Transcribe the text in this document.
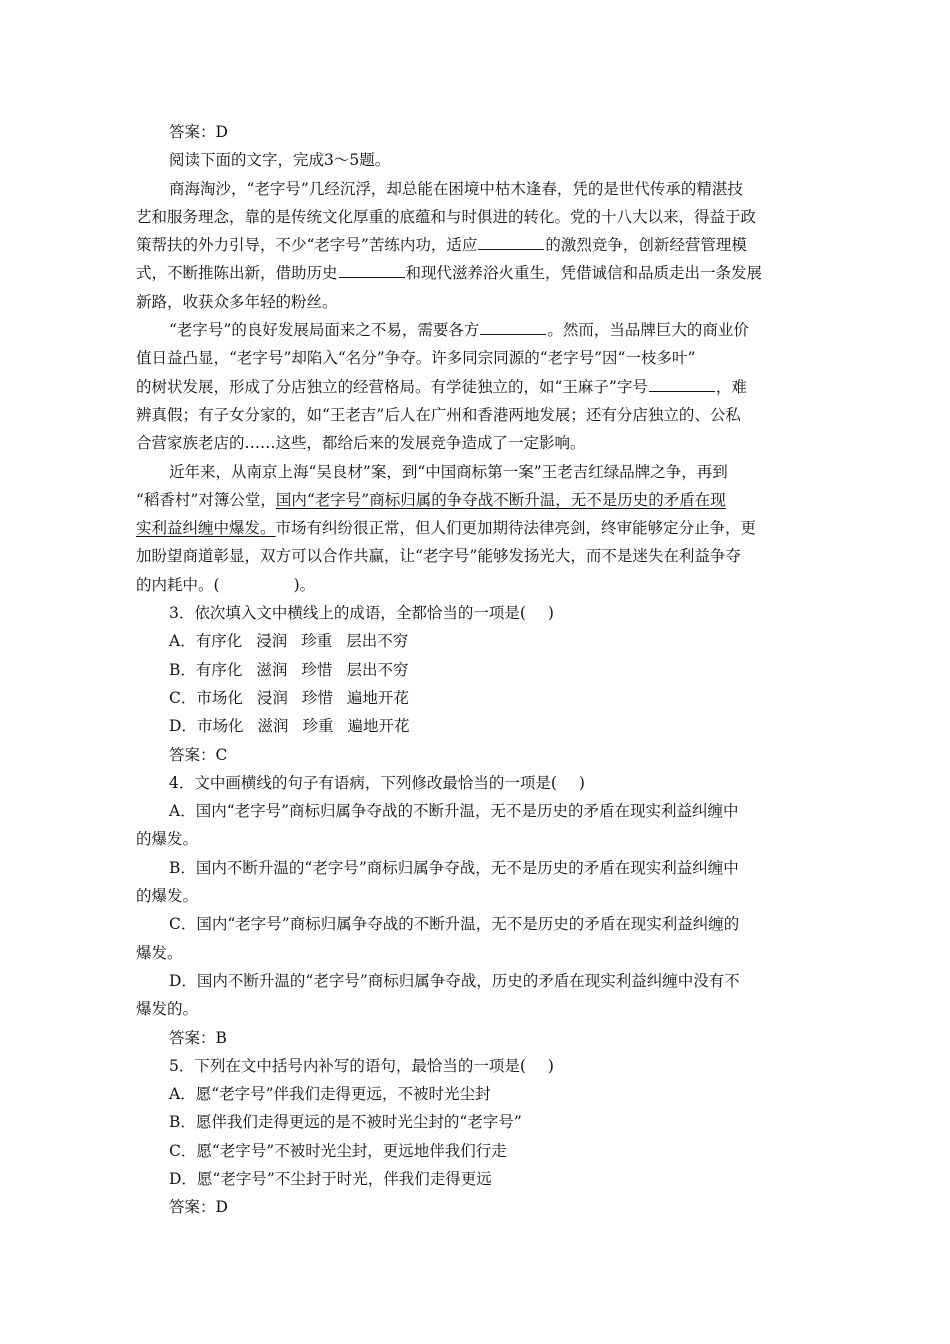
答案：D
阅读下面的文字，完成3～5题。
商海淘沙，“老字号”几经沉浮，却总能在困境中枯木逢春，凭的是世代传承的精湛技
艺和服务理念，靠的是传统文化厚重的底蕴和与时俱进的转化。党的十八大以来，得益于政
策帮扶的外力引导，不少“老字号”苦练内功，适应	的激烈竞争，创新经营管理模
式，不断推陈出新，借助历史	和现代滋养浴火重生，凭借诚信和品质走出一条发展
新路，收获众多年轻的粉丝。
“老字号”的良好发展局面来之不易，需要各方	。然而，当品牌巨大的商业价
值日益凸显，“老字号”却陷入“名分”争夺。许多同宗同源的“老字号”因“一枝多叶”
的树状发展，形成了分店独立的经营格局。有学徒独立的，如“王麻子”字号	，难
辨真假；有子女分家的，如“王老吉”后人在广州和香港两地发展；还有分店独立的、公私
合营家族老店的……这些，都给后来的发展竞争造成了一定影响。
近年来，从南京上海“吴良材”案，到“中国商标第一案”王老吉红绿品牌之争，再到
“稻香村”对簿公堂，国内“老字号”商标归属的争夺战不断升温，无不是历史的矛盾在现
实利益纠缠中爆发。市场有纠纷很正常，但人们更加期待法律亮剑，终审能够定分止争，更
加盼望商道彰显，双方可以合作共赢，让“老字号”能够发扬光大，而不是迷失在利益争夺
的内耗中。(	)。
3．依次填入文中横线上的成语，全都恰当的一项是( )
A．有序化 浸润 珍重 层出不穷
B．有序化 滋润 珍惜 层出不穷
C．市场化 浸润 珍惜 遍地开花
D．市场化 滋润 珍重 遍地开花
答案：C
4．文中画横线的句子有语病，下列修改最恰当的一项是( )
A．国内“老字号”商标归属争夺战的不断升温，无不是历史的矛盾在现实利益纠缠中
的爆发。
B．国内不断升温的“老字号”商标归属争夺战，无不是历史的矛盾在现实利益纠缠中
的爆发。
C．国内“老字号”商标归属争夺战的不断升温，无不是历史的矛盾在现实利益纠缠的
爆发。
D．国内不断升温的“老字号”商标归属争夺战，历史的矛盾在现实利益纠缠中没有不
爆发的。
答案：B
5．下列在文中括号内补写的语句，最恰当的一项是( )
A．愿“老字号”伴我们走得更远，不被时光尘封
B．愿伴我们走得更远的是不被时光尘封的“老字号”
C．愿“老字号”不被时光尘封，更远地伴我们行走
D．愿“老字号”不尘封于时光，伴我们走得更远
答案：D
